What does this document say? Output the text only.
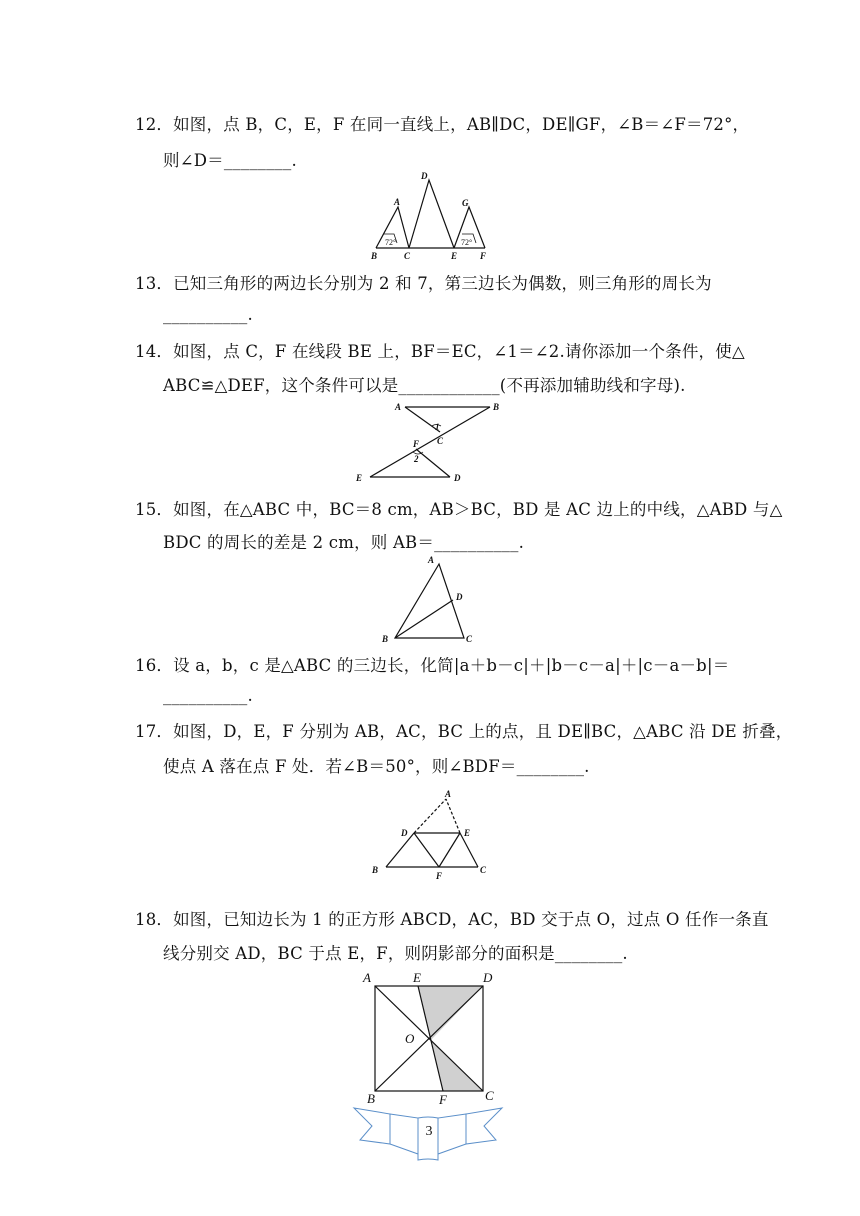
12．如图，点 B，C，E，F 在同一直线上，AB∥DC，DE∥GF，∠B＝∠F＝72°，
则∠D＝________.
A
D
G
B	C	E	F
72°	72°
13．已知三角形的两边长分别为 2 和 7，第三边长为偶数，则三角形的周长为
__________.
14．如图，点 C，F 在线段 BE 上，BF＝EC，∠1＝∠2.请你添加一个条件，使△
ABC≌△DEF，这个条件可以是____________(不再添加辅助线和字母).
A	B
1
C
F
2
E	D
15．如图，在△ABC 中，BC＝8 cm，AB＞BC，BD 是 AC 边上的中线，△ABD 与△
BDC 的周长的差是 2 cm，则 AB＝__________.
A
D
B	C
16．设 a，b，c 是△ABC 的三边长，化简|a＋b－c|＋|b－c－a|＋|c－a－b|＝
__________.
17．如图，D，E，F 分别为 AB，AC，BC 上的点，且 DE∥BC，△ABC 沿 DE 折叠，
使点 A 落在点 F 处．若∠B＝50°，则∠BDF＝________.
A
D	E
B
F
C
18．如图，已知边长为 1 的正方形 ABCD，AC，BD 交于点 O，过点 O 任作一条直
线分别交 AD，BC 于点 E，F，则阴影部分的面积是________.
A	E	D
O
B	F	C
3
